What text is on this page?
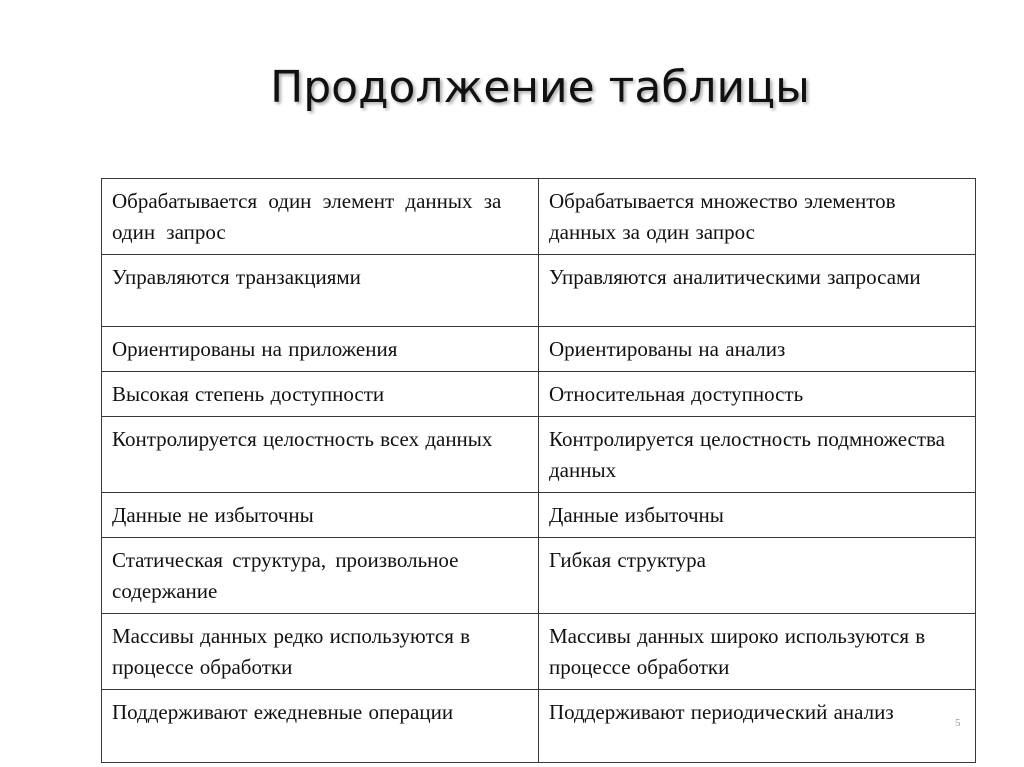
Продолжение таблицы
Обрабатывается один элемент данных за один запрос	Обрабатывается множество элементов данных за один запрос
Управляются транзакциями	Управляются аналитическими запросами
Ориентированы на приложения	Ориентированы на анализ
Высокая степень доступности	Относительная доступность
Контролируется целостность всех данных	Контролируется целостность подмножества данных
Данные не избыточны	Данные избыточны
Статическая структура, произвольное содержание	Гибкая структура
Массивы данных редко используются в процессе обработки	Массивы данных широко используются в процессе обработки
Поддерживают ежедневные операции	Поддерживают периодический анализ	5
